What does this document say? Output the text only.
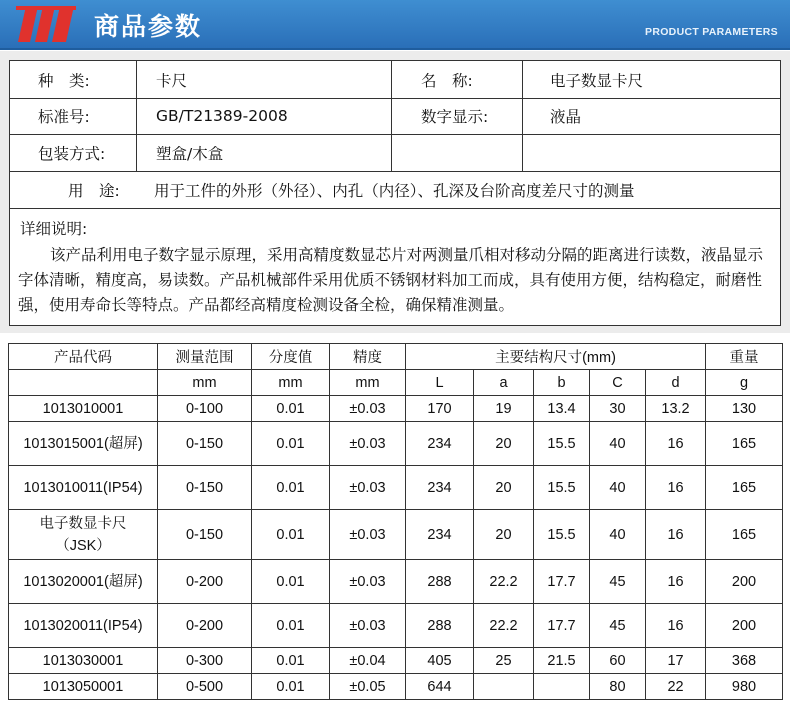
商品参数	PRODUCT PARAMETERS
种　类:	卡尺	名　称:	电子数显卡尺
标准号:	GB/T21389-2008	数字显示:	液晶
包装方式:	塑盒/木盒
用　途: 用于工件的外形（外径）、内孔（内径）、孔深及台阶高度差尺寸的测量
详细说明:
该产品利用电子数字显示原理，采用高精度数显芯片对两测量爪相对移动分隔的距离进行读数，液晶显示字体清晰，精度高，易读数。产品机械部件采用优质不锈钢材料加工而成，具有使用方便，结构稳定，耐磨性强，使用寿命长等特点。产品都经高精度检测设备全检，确保精准测量。
产品代码	测量范围	分度值	精度	主要结构尺寸(mm)					重量
	mm	mm	mm	L	a	b	C	d	g
1013010001	0-100	0.01	±0.03	170	19	13.4	30	13.2	130
1013015001(超屏)	0-150	0.01	±0.03	234	20	15.5	40	16	165
1013010011(IP54)	0-150	0.01	±0.03	234	20	15.5	40	16	165
电子数显卡尺
（JSK）	0-150	0.01	±0.03	234	20	15.5	40	16	165
1013020001(超屏)	0-200	0.01	±0.03	288	22.2	17.7	45	16	200
1013020011(IP54)	0-200	0.01	±0.03	288	22.2	17.7	45	16	200
1013030001	0-300	0.01	±0.04	405	25	21.5	60	17	368
1013050001	0-500	0.01	±0.05	644			80	22	980
